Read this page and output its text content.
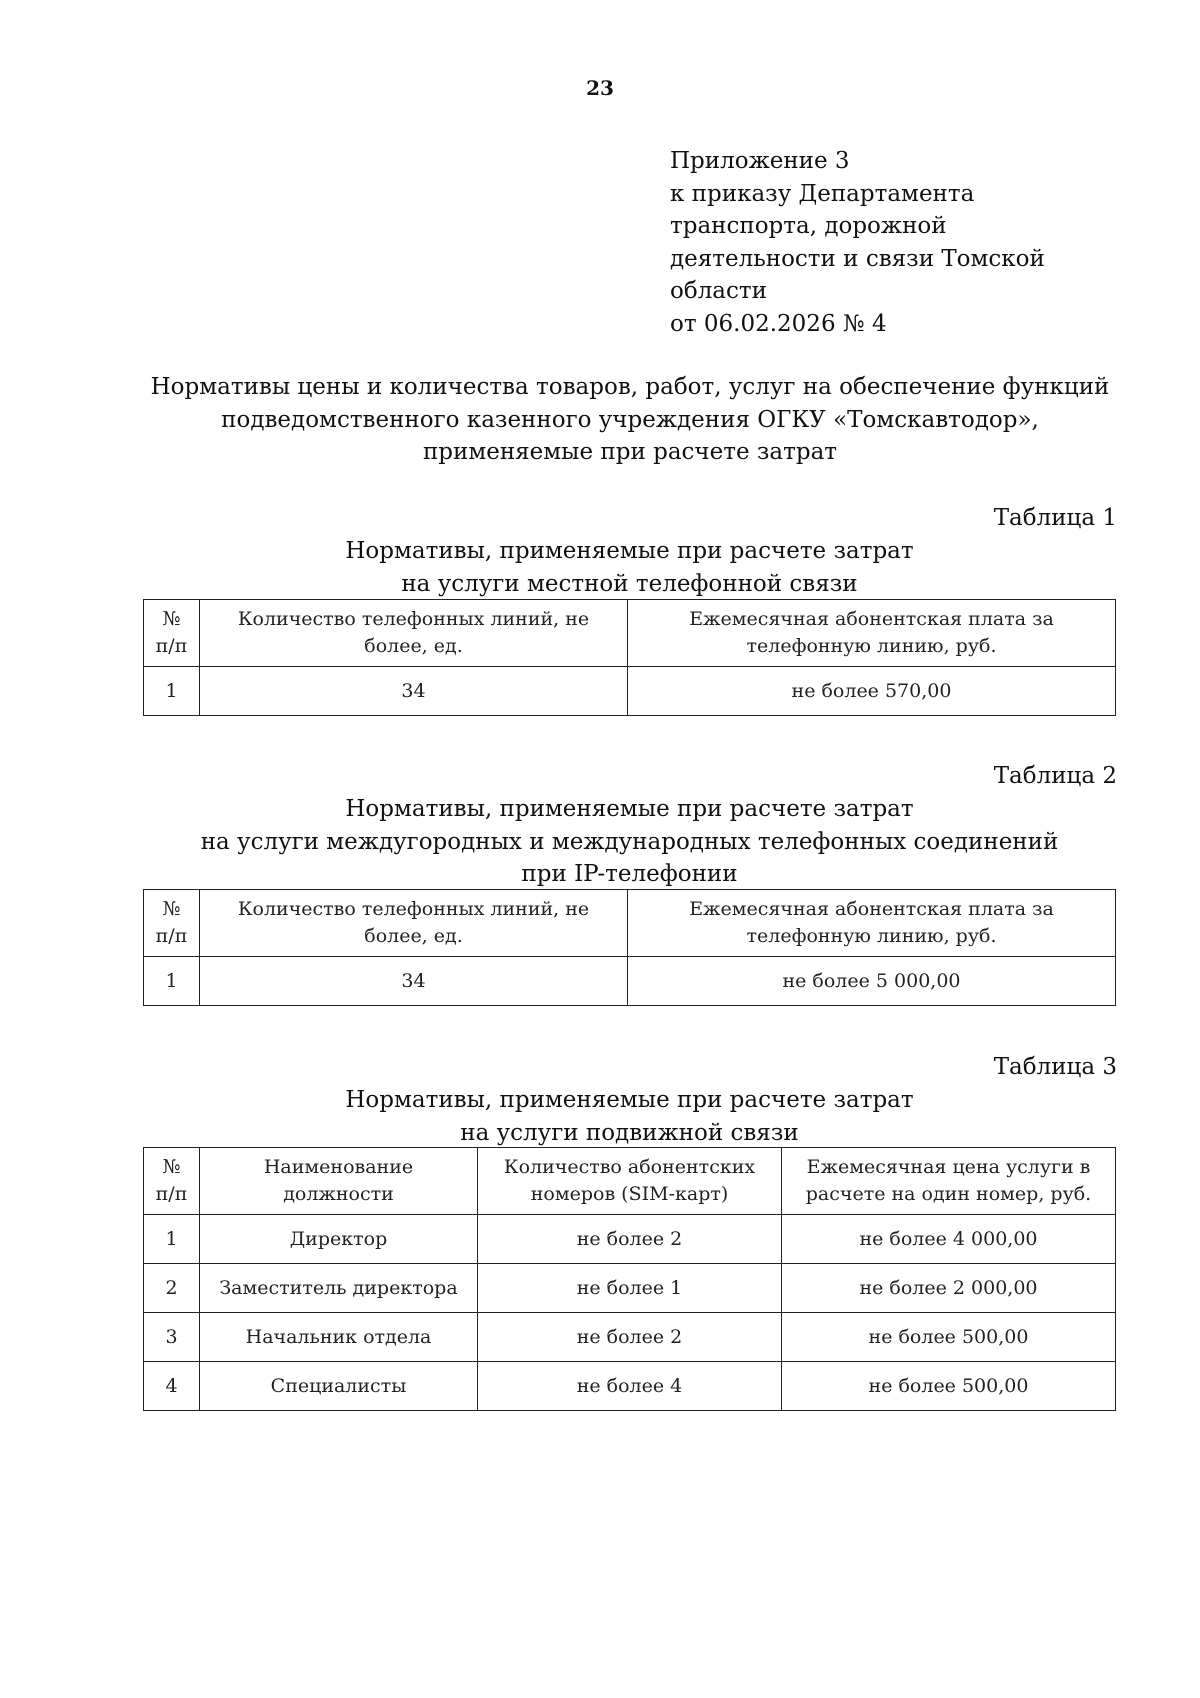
23
Приложение 3
к приказу Департамента
транспорта, дорожной
деятельности и связи Томской
области
от 06.02.2026 № 4
Нормативы цены и количества товаров, работ, услуг на обеспечение функций
подведомственного казенного учреждения ОГКУ «Томскавтодор»,
применяемые при расчете затрат
Таблица 1
Нормативы, применяемые при расчете затрат
на услуги местной телефонной связи
№ п/п	Количество телефонных линий, не более, ед.	Ежемесячная абонентская плата за телефонную линию, руб.
1	34	не более 570,00
Таблица 2
Нормативы, применяемые при расчете затрат
на услуги междугородных и международных телефонных соединений
при IP-телефонии
№ п/п	Количество телефонных линий, не более, ед.	Ежемесячная абонентская плата за телефонную линию, руб.
1	34	не более 5 000,00
Таблица 3
Нормативы, применяемые при расчете затрат
на услуги подвижной связи
№ п/п	Наименование должности	Количество абонентских номеров (SIM-карт)	Ежемесячная цена услуги в расчете на один номер, руб.
1	Директор	не более 2	не более 4 000,00
2	Заместитель директора	не более 1	не более 2 000,00
3	Начальник отдела	не более 2	не более 500,00
4	Специалисты	не более 4	не более 500,00
